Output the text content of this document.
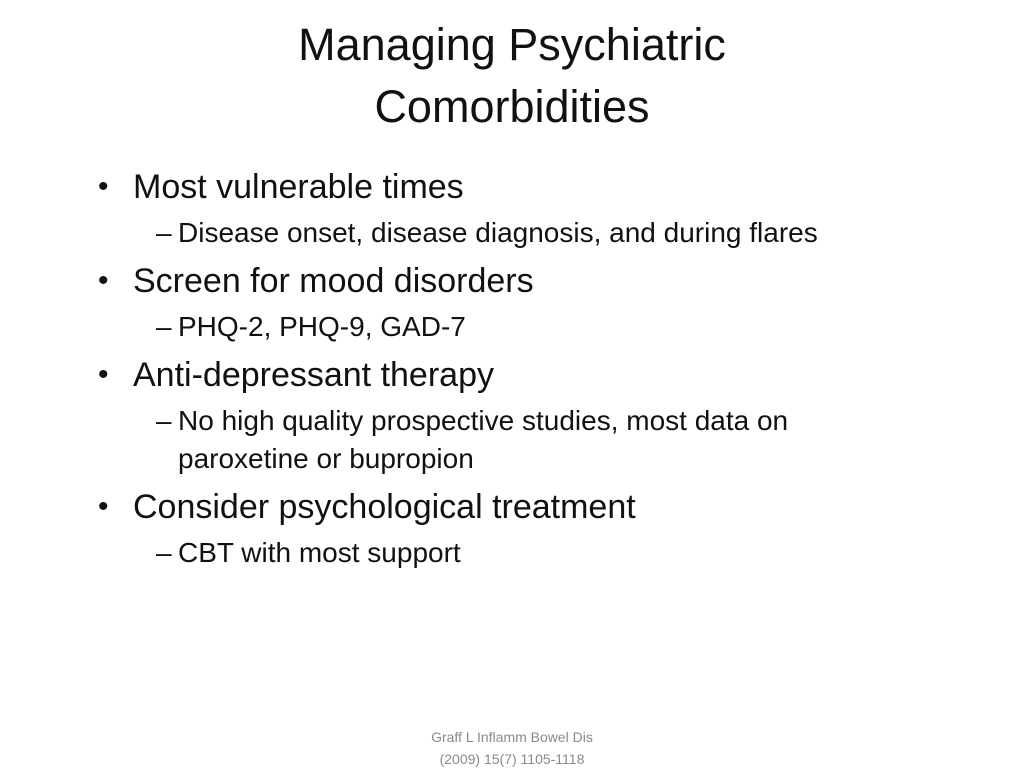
Managing Psychiatric
Comorbidities
• Most vulnerable times
– Disease onset, disease diagnosis, and during flares
• Screen for mood disorders
– PHQ-2, PHQ-9, GAD-7
• Anti-depressant therapy
– No high quality prospective studies, most data on paroxetine or bupropion
• Consider psychological treatment
– CBT with most support
Graff L Inflamm Bowel Dis
(2009) 15(7) 1105-1118
